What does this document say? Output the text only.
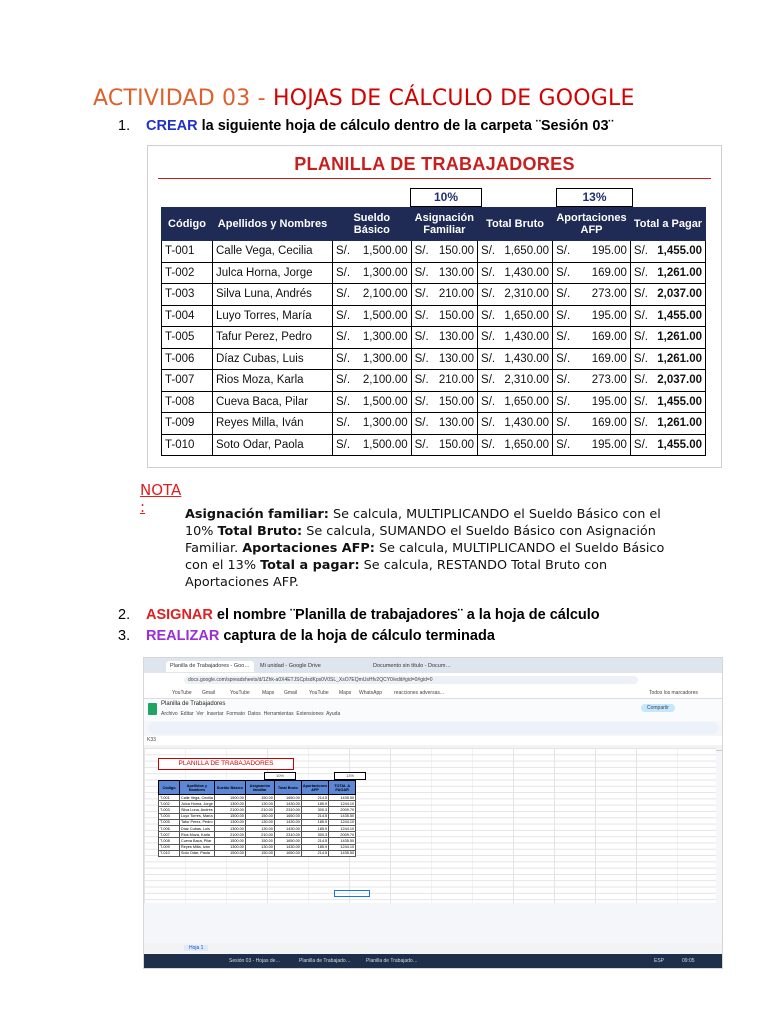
ACTIVIDAD 03 - HOJAS DE CÁLCULO DE GOOGLE
1. CREAR la siguiente hoja de cálculo dentro de la carpeta ¨Sesión 03¨
PLANILLA DE TRABAJADORES
10%	13%
Código	Apellidos y Nombres	Sueldo Básico		Asignación Familiar		Total Bruto		Aportaciones AFP		Total a Pagar	
T-001	Calle Vega, Cecilia	S/.	1,500.00	S/.	150.00	S/.	1,650.00	S/.	195.00	S/.	1,455.00
T-002	Julca Horna, Jorge	S/.	1,300.00	S/.	130.00	S/.	1,430.00	S/.	169.00	S/.	1,261.00
T-003	Silva Luna, Andrés	S/.	2,100.00	S/.	210.00	S/.	2,310.00	S/.	273.00	S/.	2,037.00
T-004	Luyo Torres, María	S/.	1,500.00	S/.	150.00	S/.	1,650.00	S/.	195.00	S/.	1,455.00
T-005	Tafur Perez, Pedro	S/.	1,300.00	S/.	130.00	S/.	1,430.00	S/.	169.00	S/.	1,261.00
T-006	Díaz Cubas, Luis	S/.	1,300.00	S/.	130.00	S/.	1,430.00	S/.	169.00	S/.	1,261.00
T-007	Rios Moza, Karla	S/.	2,100.00	S/.	210.00	S/.	2,310.00	S/.	273.00	S/.	2,037.00
T-008	Cueva Baca, Pilar	S/.	1,500.00	S/.	150.00	S/.	1,650.00	S/.	195.00	S/.	1,455.00
T-009	Reyes Milla, Iván	S/.	1,300.00	S/.	130.00	S/.	1,430.00	S/.	169.00	S/.	1,261.00
T-010	Soto Odar, Paola	S/.	1,500.00	S/.	150.00	S/.	1,650.00	S/.	195.00	S/.	1,455.00
NOTA
:	Asignación familiar: Se calcula, MULTIPLICANDO el Sueldo Básico con el 10% Total Bruto: Se calcula, SUMANDO el Sueldo Básico con Asignación Familiar. Aportaciones AFP: Se calcula, MULTIPLICANDO el Sueldo Básico con el 13% Total a pagar: Se calcula, RESTANDO Total Bruto con Aportaciones AFP.
2. ASIGNAR el nombre ¨Planilla de trabajadores¨ a la hoja de cálculo
3. REALIZAR captura de la hoja de cálculo terminada
Planilla de Trabajadores - Goo…	Mi unidad - Google Drive	Documento sin título - Docum…
docs.google.com/spreadsheets/d/1Zhk-a0X4ETJSCpIsdKps0V0SL_XsO7EQmUsHfv2QCY0/edit#gid=0#gid=0
YouTube Gmail	YouTube Maps Gmail YouTube Maps WhatsApp reacciones adversas...	Todos los marcadores
Planilla de Trabajadores
Archivo Editar Ver Insertar Formato Datos Herramientas Extensiones Ayuda
Compartir
K33
PLANILLA DE TRABAJADORES
10%	13%
Código	Apellidos y Nombres	Sueldo Básico	Asignación familiar	Total Bruto	Aportaciones AFP	TOTAL A PAGAR
T-001	Calle Vega, Cecilia	1500.00	150.00	1650.00	214.5	1435.50
T-002	Julca Horna, Jorge	1300.00	130.00	1430.00	185.9	1244.10
T-003	Silva Luna, Andrés	2100.00	210.00	2310.00	300.3	2009.70
T-004	Luyo Torres, María	1500.00	150.00	1650.00	214.5	1435.50
T-005	Tafur Perez, Pedro	1300.00	130.00	1430.00	185.9	1244.10
T-006	Díaz Cubas, Luis	1300.00	130.00	1430.00	185.9	1244.10
T-007	Rios Moza, Karla	2100.00	210.00	2310.00	300.3	2009.70
T-008	Cueva Baca, Pilar	1500.00	150.00	1650.00	214.5	1435.50
T-009	Reyes Milla, Iván	1300.00	130.00	1430.00	185.9	1244.10
T-010	Soto Odar, Paola	1500.00	150.00	1650.00	214.5	1435.50
Hoja 1
Sesión 03 - Hojas de…	Planilla de Trabajado…	Planilla de Trabajado…	ESP	09:05
